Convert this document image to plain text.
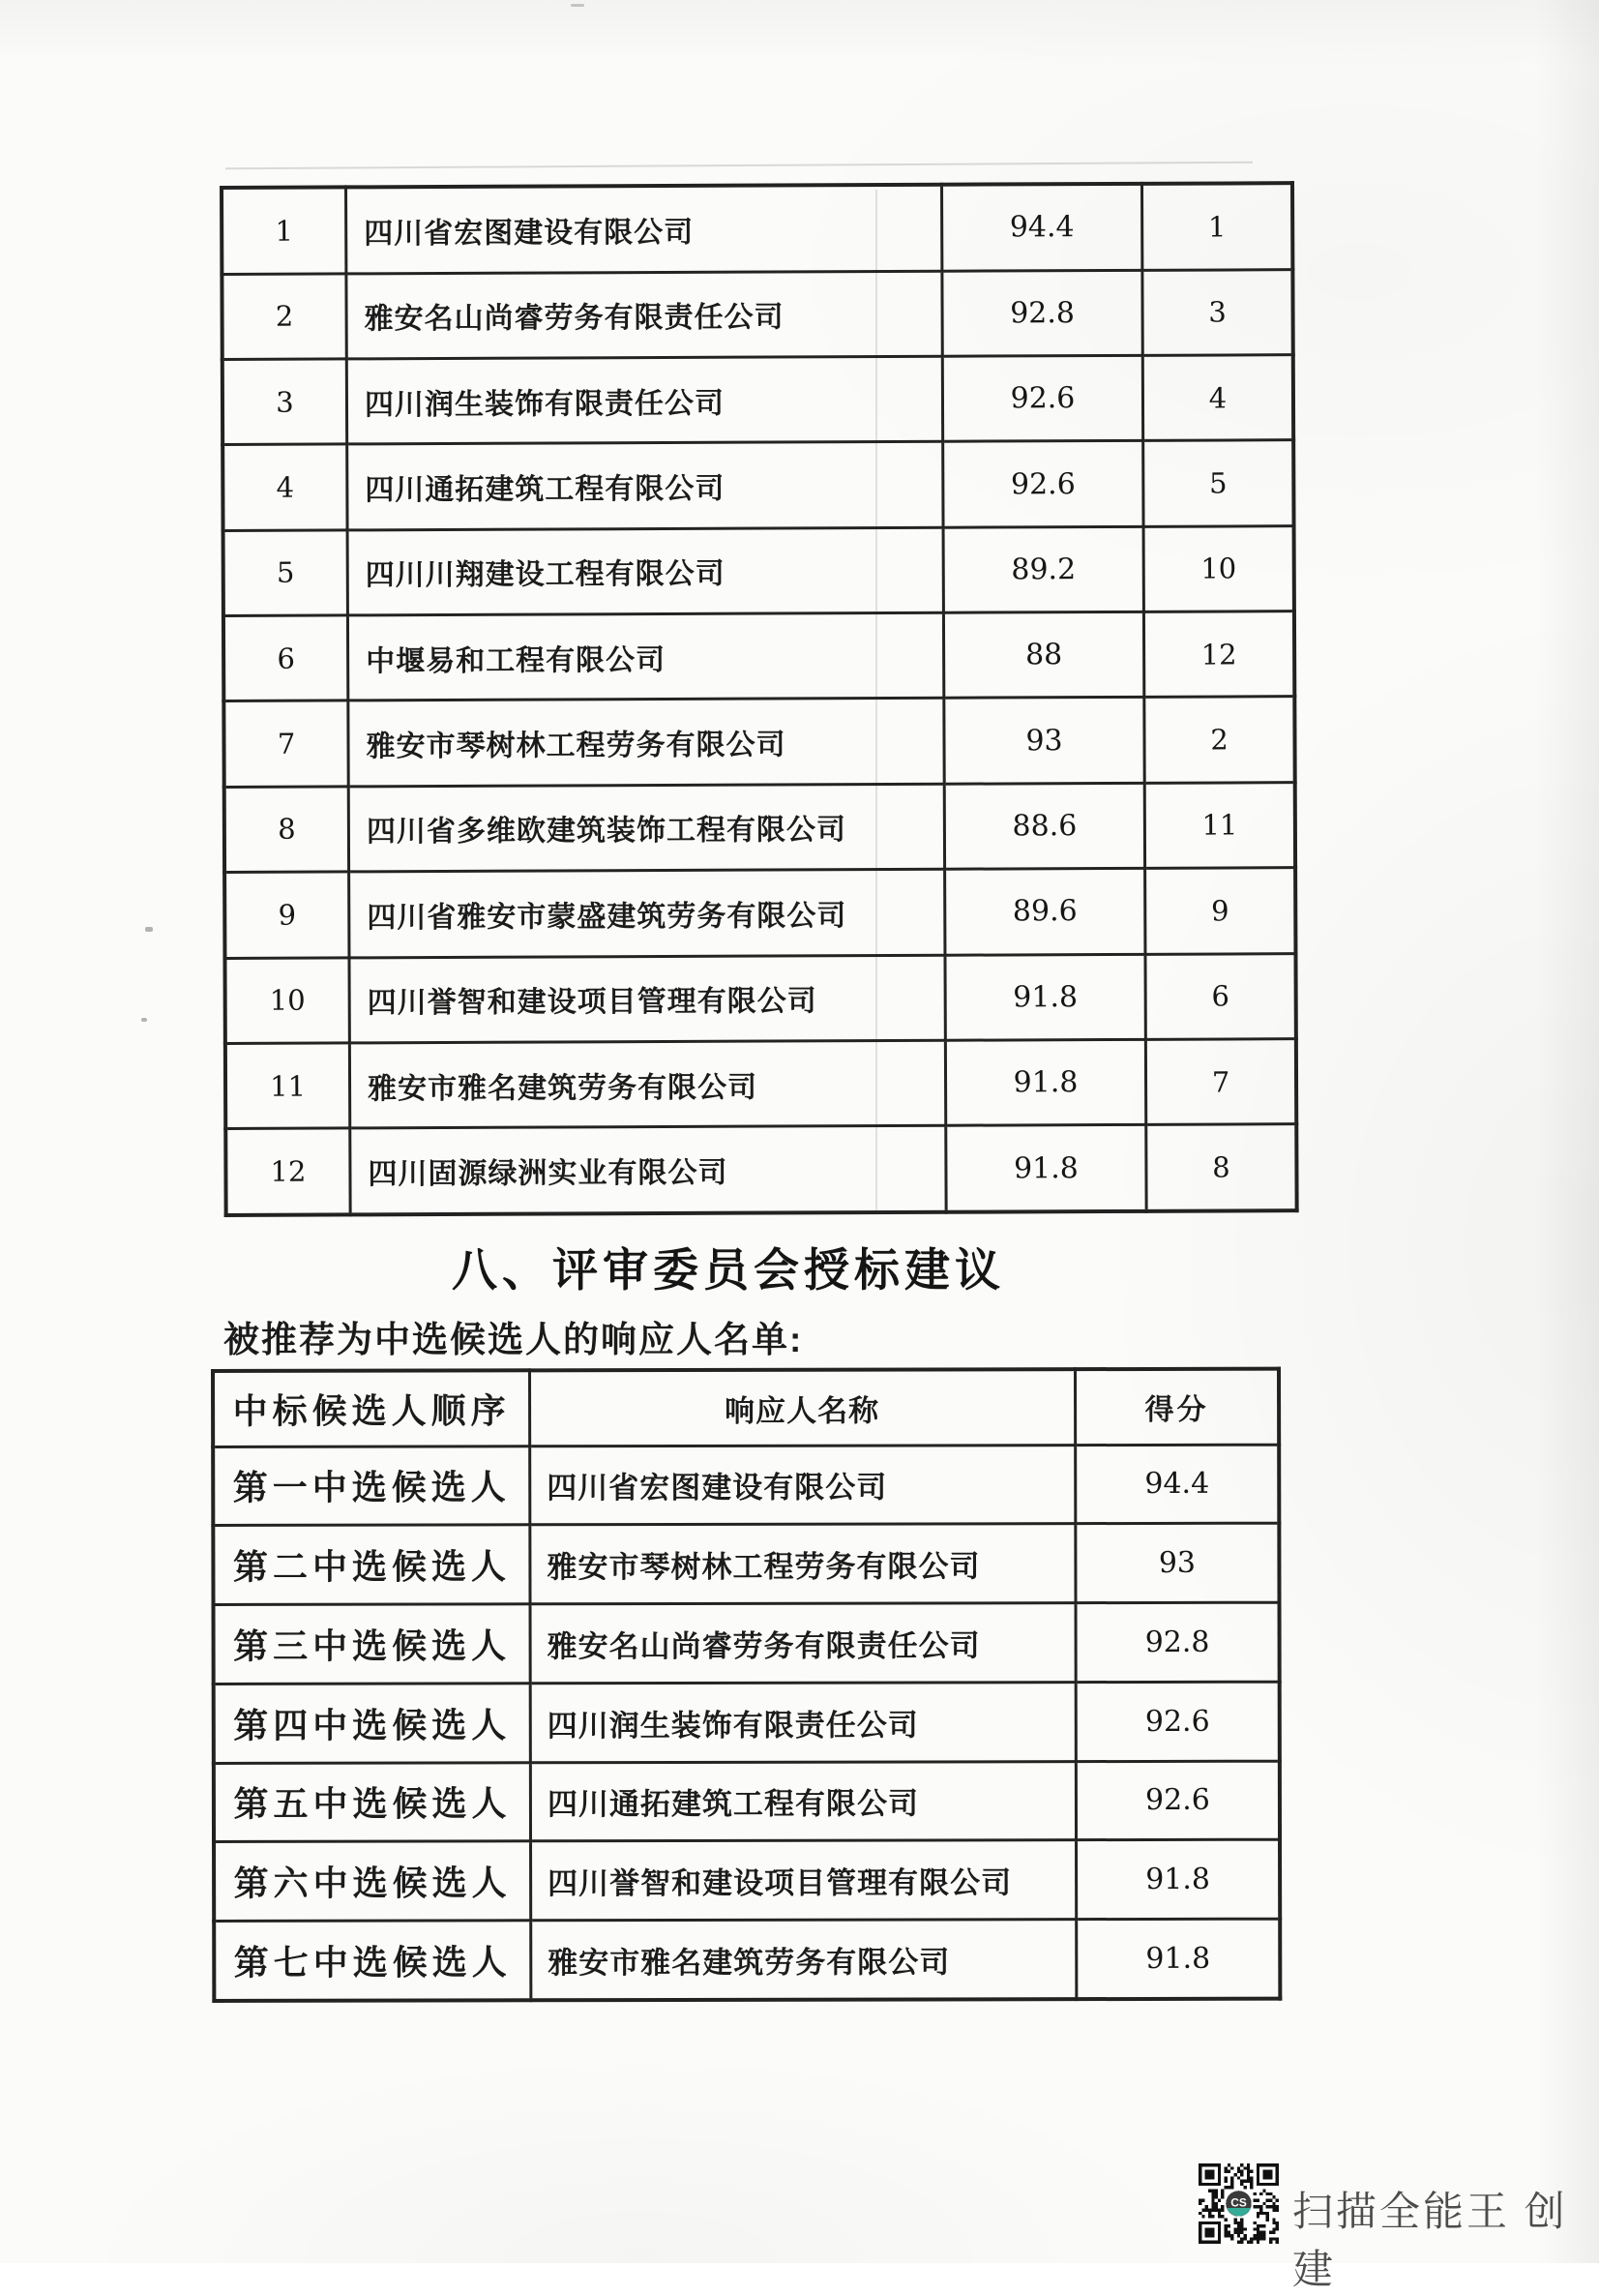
1	四川省宏图建设有限公司	94.4	1
2	雅安名山尚睿劳务有限责任公司	92.8	3
3	四川润生装饰有限责任公司	92.6	4
4	四川通拓建筑工程有限公司	92.6	5
5	四川川翔建设工程有限公司	89.2	10
6	中堰易和工程有限公司	88	12
7	雅安市琴树林工程劳务有限公司	93	2
8	四川省多维欧建筑装饰工程有限公司	88.6	11
9	四川省雅安市蒙盛建筑劳务有限公司	89.6	9
10	四川誉智和建设项目管理有限公司	91.8	6
11	雅安市雅名建筑劳务有限公司	91.8	7
12	四川固源绿洲实业有限公司	91.8	8
八、评审委员会授标建议
被推荐为中选候选人的响应人名单:
中标候选人顺序	响应人名称	得分
第一中选候选人	四川省宏图建设有限公司	94.4
第二中选候选人	雅安市琴树林工程劳务有限公司	93
第三中选候选人	雅安名山尚睿劳务有限责任公司	92.8
第四中选候选人	四川润生装饰有限责任公司	92.6
第五中选候选人	四川通拓建筑工程有限公司	92.6
第六中选候选人	四川誉智和建设项目管理有限公司	91.8
第七中选候选人	雅安市雅名建筑劳务有限公司	91.8
CS 扫描全能王 创建
